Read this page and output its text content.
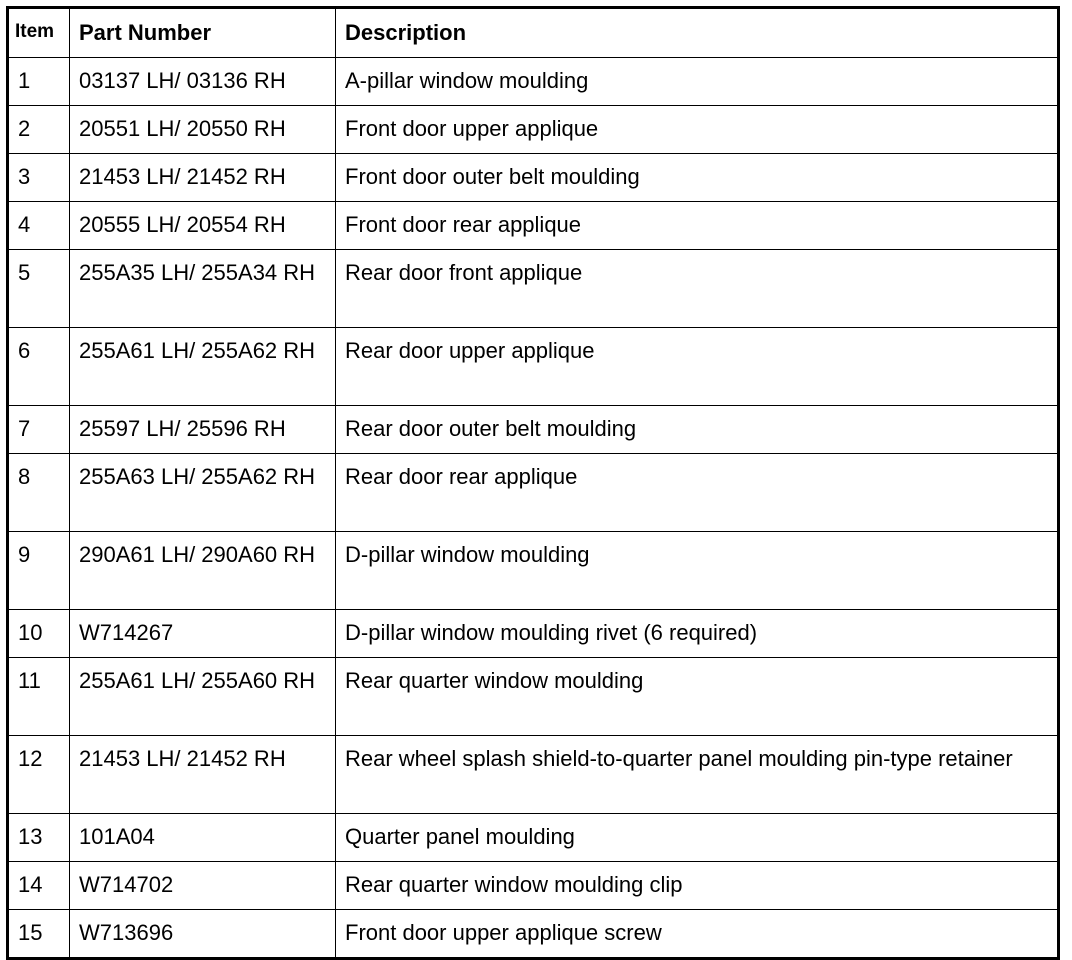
Item	Part Number	Description
1	03137 LH/ 03136 RH	A-pillar window moulding
2	20551 LH/ 20550 RH	Front door upper applique
3	21453 LH/ 21452 RH	Front door outer belt moulding
4	20555 LH/ 20554 RH	Front door rear applique
5	255A35 LH/ 255A34 RH	Rear door front applique
6	255A61 LH/ 255A62 RH	Rear door upper applique
7	25597 LH/ 25596 RH	Rear door outer belt moulding
8	255A63 LH/ 255A62 RH	Rear door rear applique
9	290A61 LH/ 290A60 RH	D-pillar window moulding
10	W714267	D-pillar window moulding rivet (6 required)
11	255A61 LH/ 255A60 RH	Rear quarter window moulding
12	21453 LH/ 21452 RH	Rear wheel splash shield-to-quarter panel moulding pin-type retainer
13	101A04	Quarter panel moulding
14	W714702	Rear quarter window moulding clip
15	W713696	Front door upper applique screw
